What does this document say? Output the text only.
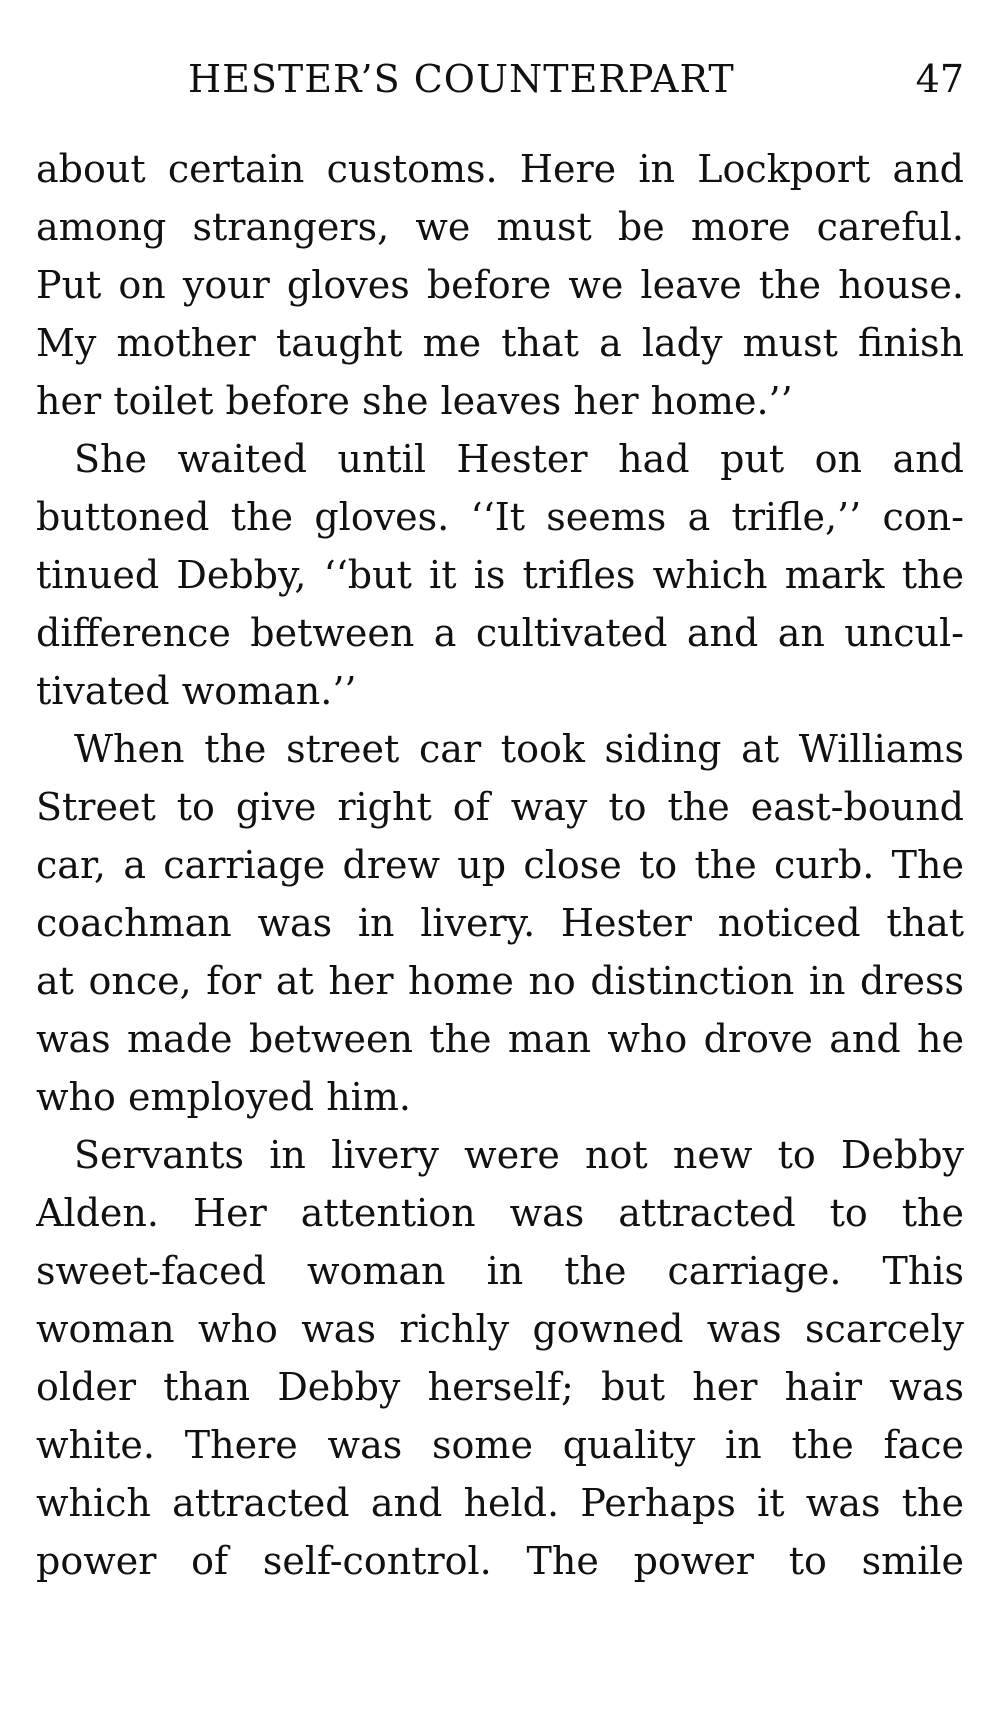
HESTER’S COUNTERPART	47
about certain customs. Here in Lockport and
among strangers, we must be more careful.
Put on your gloves before we leave the house.
My mother taught me that a lady must finish
her toilet before she leaves her home.’’
She waited until Hester had put on and
buttoned the gloves. ‘‘It seems a trifle,’’ con-
tinued Debby, ‘‘but it is trifles which mark the
difference between a cultivated and an uncul-
tivated woman.’’
When the street car took siding at Williams
Street to give right of way to the east-bound
car, a carriage drew up close to the curb. The
coachman was in livery. Hester noticed that
at once, for at her home no distinction in dress
was made between the man who drove and he
who employed him.
Servants in livery were not new to Debby
Alden. Her attention was attracted to the
sweet-faced woman in the carriage. This
woman who was richly gowned was scarcely
older than Debby herself; but her hair was
white. There was some quality in the face
which attracted and held. Perhaps it was the
power of self-control. The power to smile
